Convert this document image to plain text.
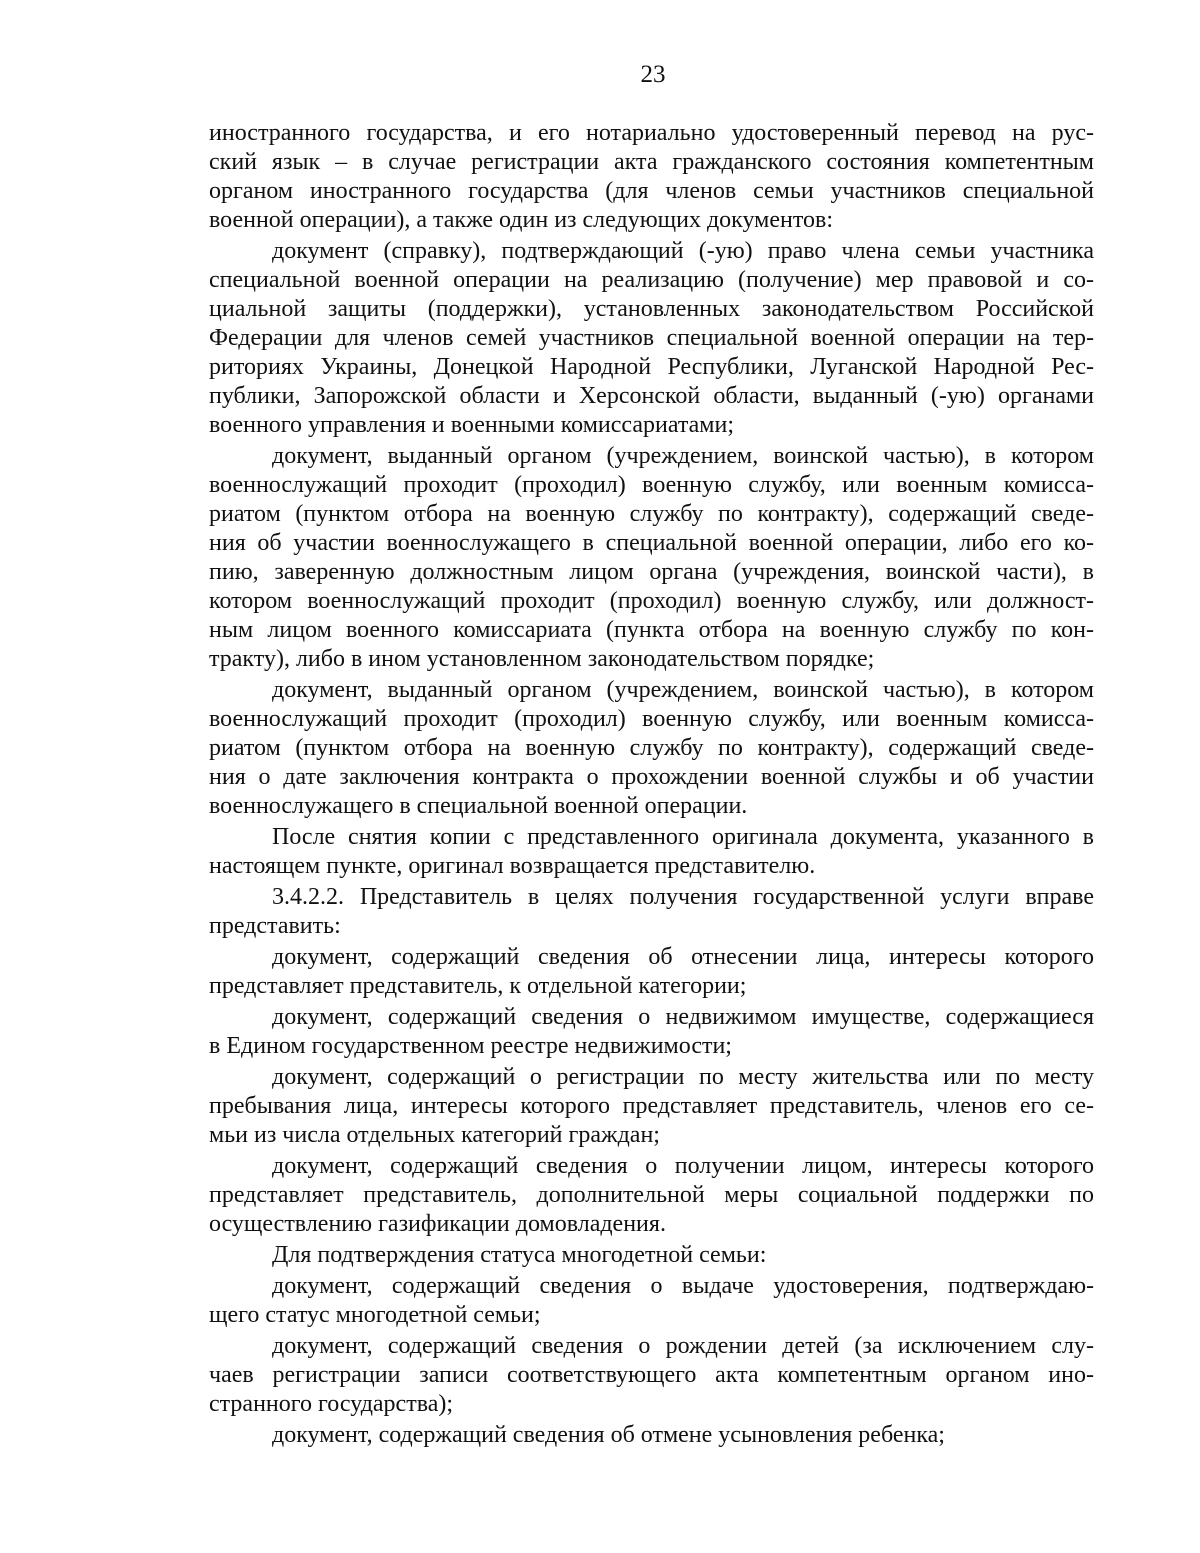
23
иностранного государства, и его нотариально удостоверенный перевод на рус-
ский язык – в случае регистрации акта гражданского состояния компетентным
органом иностранного государства (для членов семьи участников специальной
военной операции), а также один из следующих документов:
документ (справку), подтверждающий (-ую) право члена семьи участника
специальной военной операции на реализацию (получение) мер правовой и со-
циальной защиты (поддержки), установленных законодательством Российской
Федерации для членов семей участников специальной военной операции на тер-
риториях Украины, Донецкой Народной Республики, Луганской Народной Рес-
публики, Запорожской области и Херсонской области, выданный (-ую) органами
военного управления и военными комиссариатами;
документ, выданный органом (учреждением, воинской частью), в котором
военнослужащий проходит (проходил) военную службу, или военным комисса-
риатом (пунктом отбора на военную службу по контракту), содержащий сведе-
ния об участии военнослужащего в специальной военной операции, либо его ко-
пию, заверенную должностным лицом органа (учреждения, воинской части), в
котором военнослужащий проходит (проходил) военную службу, или должност-
ным лицом военного комиссариата (пункта отбора на военную службу по кон-
тракту), либо в ином установленном законодательством порядке;
документ, выданный органом (учреждением, воинской частью), в котором
военнослужащий проходит (проходил) военную службу, или военным комисса-
риатом (пунктом отбора на военную службу по контракту), содержащий сведе-
ния о дате заключения контракта о прохождении военной службы и об участии
военнослужащего в специальной военной операции.
После снятия копии с представленного оригинала документа, указанного в
настоящем пункте, оригинал возвращается представителю.
3.4.2.2. Представитель в целях получения государственной услуги вправе
представить:
документ, содержащий сведения об отнесении лица, интересы которого
представляет представитель, к отдельной категории;
документ, содержащий сведения о недвижимом имуществе, содержащиеся
в Едином государственном реестре недвижимости;
документ, содержащий о регистрации по месту жительства или по месту
пребывания лица, интересы которого представляет представитель, членов его се-
мьи из числа отдельных категорий граждан;
документ, содержащий сведения о получении лицом, интересы которого
представляет представитель, дополнительной меры социальной поддержки по
осуществлению газификации домовладения.
Для подтверждения статуса многодетной семьи:
документ, содержащий сведения о выдаче удостоверения, подтверждаю-
щего статус многодетной семьи;
документ, содержащий сведения о рождении детей (за исключением слу-
чаев регистрации записи соответствующего акта компетентным органом ино-
странного государства);
документ, содержащий сведения об отмене усыновления ребенка;
